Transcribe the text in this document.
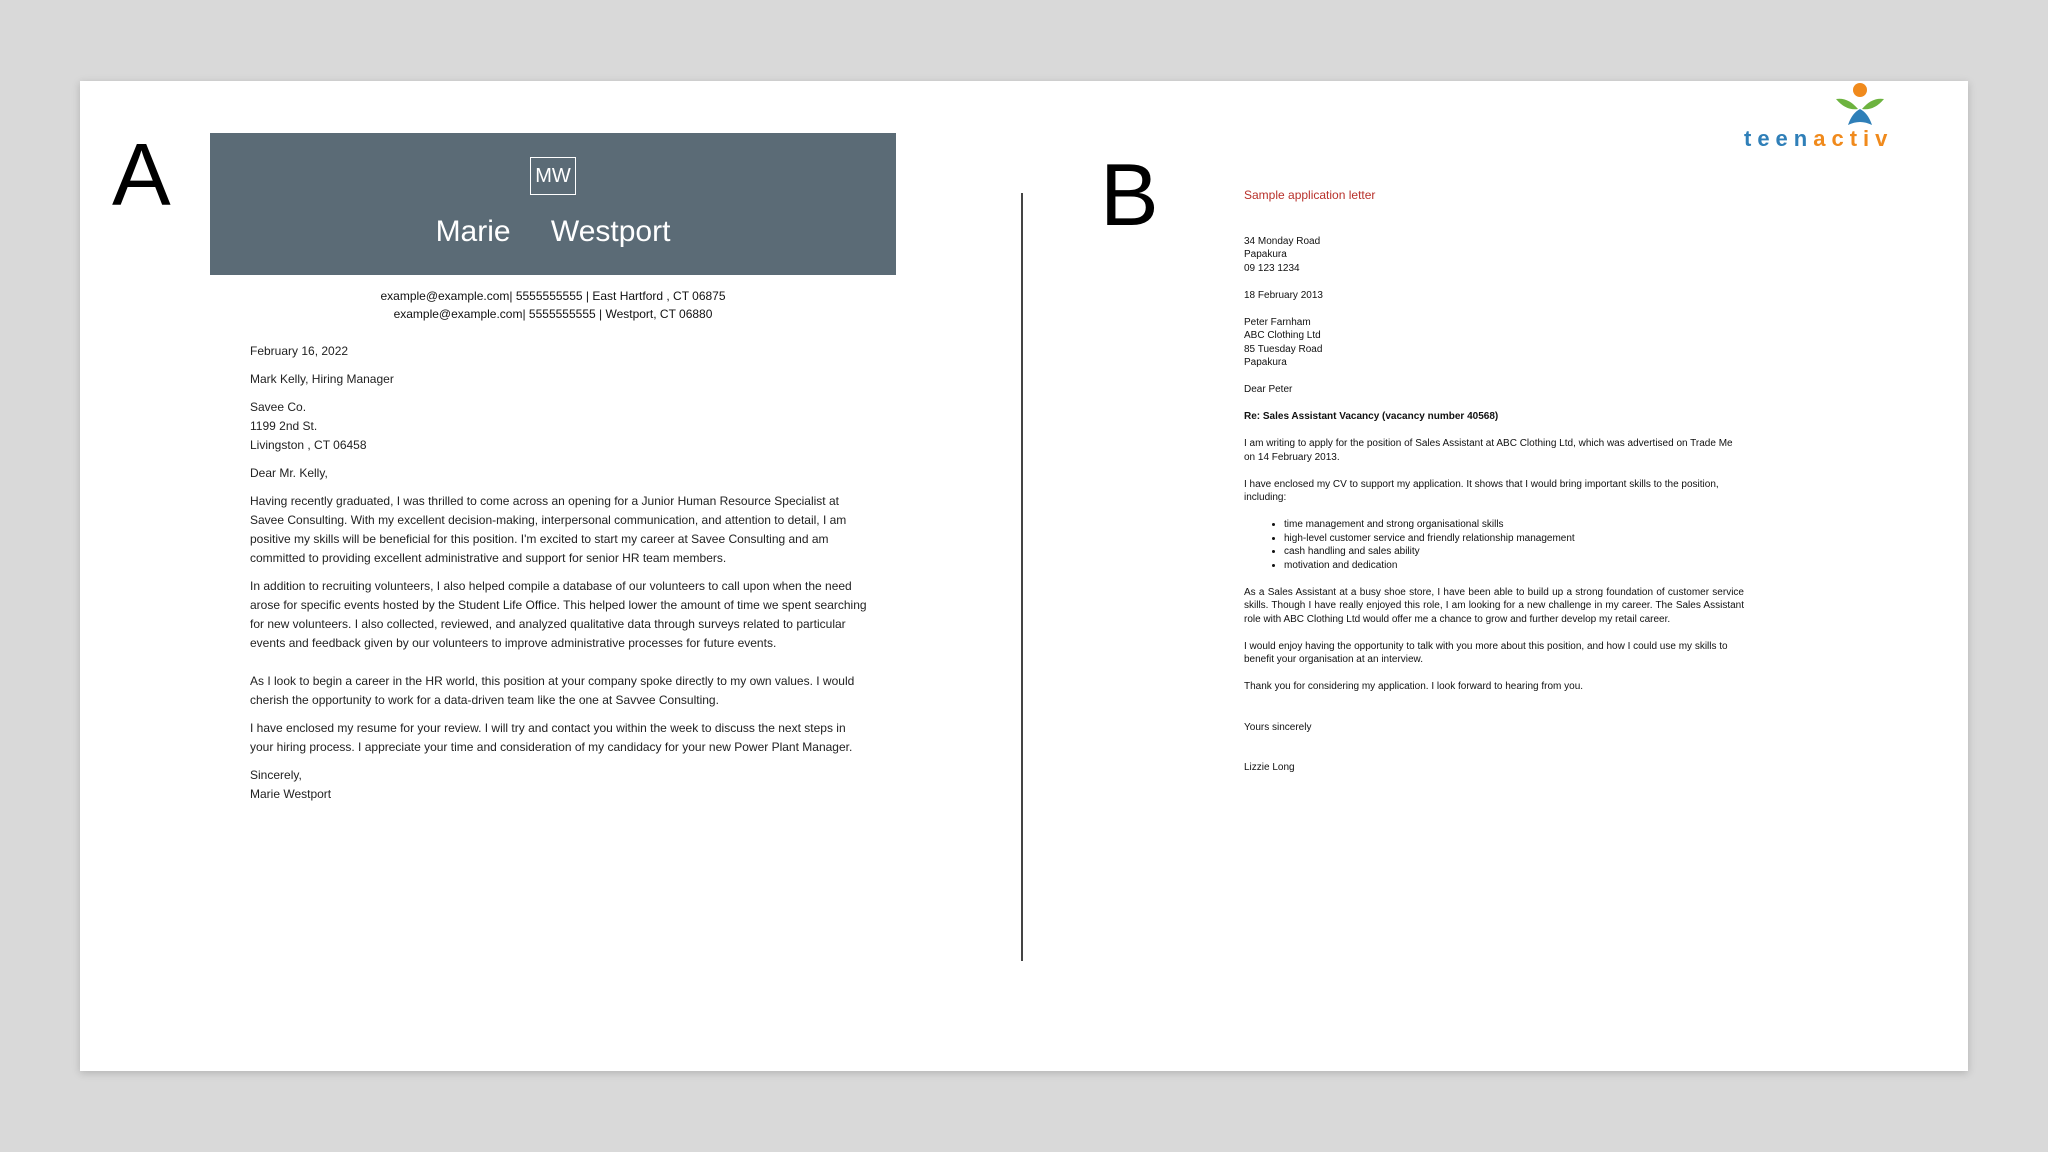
A	B
MW
Marie Westport
example@example.com| 5555555555 | East Hartford , CT 06875
example@example.com| 5555555555 | Westport, CT 06880

February 16, 2022

Mark Kelly, Hiring Manager

Savee Co.
1199 2nd St.
Livingston , CT 06458

Dear Mr. Kelly,

Having recently graduated, I was thrilled to come across an opening for a Junior Human Resource Specialist at Savee Consulting. With my excellent decision-making, interpersonal communication, and attention to detail, I am positive my skills will be beneficial for this position. I'm excited to start my career at Savee Consulting and am committed to providing excellent administrative and support for senior HR team members.

In addition to recruiting volunteers, I also helped compile a database of our volunteers to call upon when the need arose for specific events hosted by the Student Life Office. This helped lower the amount of time we spent searching for new volunteers. I also collected, reviewed, and analyzed qualitative data through surveys related to particular events and feedback given by our volunteers to improve administrative processes for future events.

As I look to begin a career in the HR world, this position at your company spoke directly to my own values. I would cherish the opportunity to work for a data-driven team like the one at Savvee Consulting.

I have enclosed my resume for your review. I will try and contact you within the week to discuss the next steps in your hiring process. I appreciate your time and consideration of my candidacy for your new Power Plant Manager.

Sincerely,
Marie Westport

teenactiv
Sample application letter

34 Monday Road
Papakura
09 123 1234

18 February 2013

Peter Farnham
ABC Clothing Ltd
85 Tuesday Road
Papakura

Dear Peter

Re: Sales Assistant Vacancy (vacancy number 40568)

I am writing to apply for the position of Sales Assistant at ABC Clothing Ltd, which was advertised on Trade Me on 14 February 2013.

I have enclosed my CV to support my application. It shows that I would bring important skills to the position, including:

• time management and strong organisational skills
• high-level customer service and friendly relationship management
• cash handling and sales ability
• motivation and dedication

As a Sales Assistant at a busy shoe store, I have been able to build up a strong foundation of customer service skills. Though I have really enjoyed this role, I am looking for a new challenge in my career. The Sales Assistant role with ABC Clothing Ltd would offer me a chance to grow and further develop my retail career.

I would enjoy having the opportunity to talk with you more about this position, and how I could use my skills to benefit your organisation at an interview.

Thank you for considering my application. I look forward to hearing from you.

Yours sincerely

Lizzie Long
